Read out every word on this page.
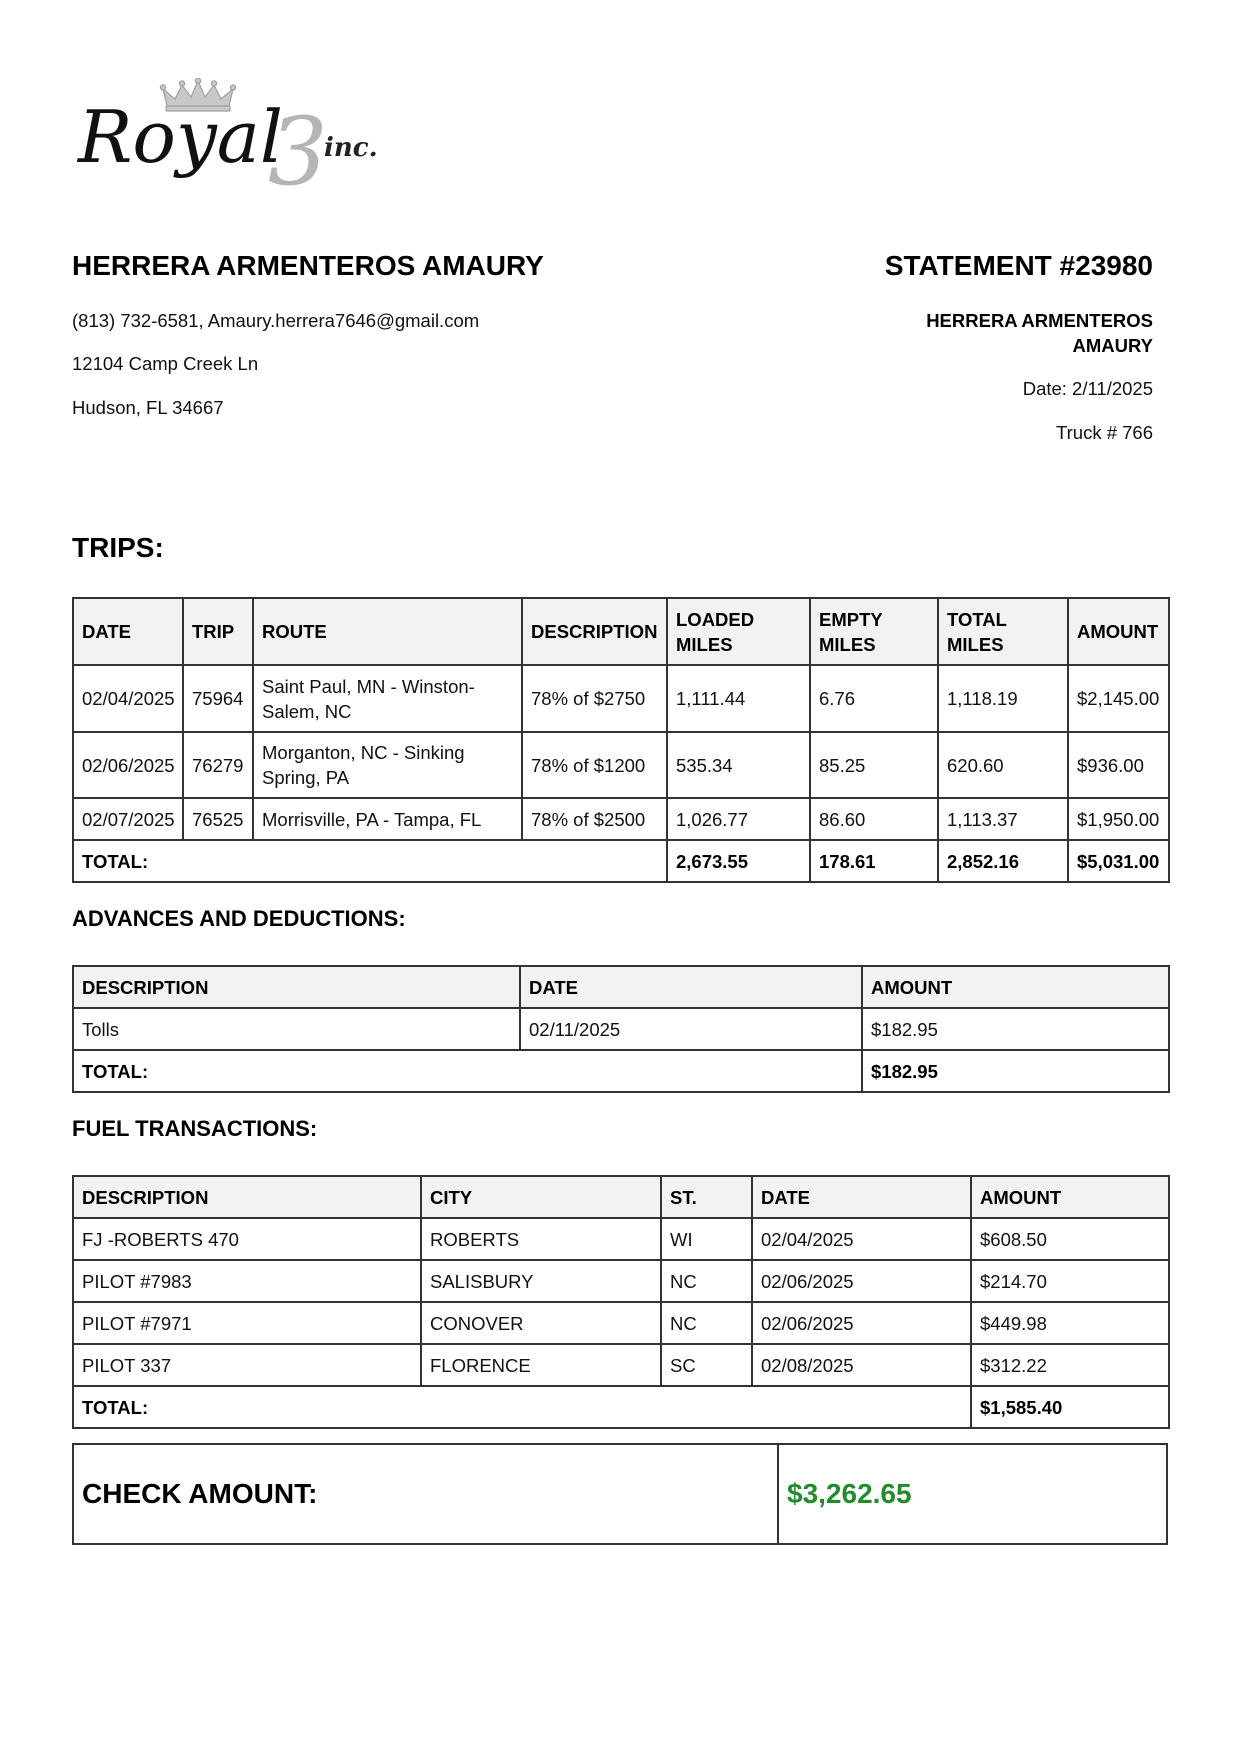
Royal
3
inc.
HERRERA ARMENTEROS AMAURY	STATEMENT #23980
(813) 732-6581, Amaury.herrera7646@gmail.com
12104 Camp Creek Ln
Hudson, FL 34667
HERRERA ARMENTEROS AMAURY
Date: 2/11/2025
Truck # 766
TRIPS:
DATE	TRIP	ROUTE	DESCRIPTION	LOADED MILES	EMPTY MILES	TOTAL MILES	AMOUNT
02/04/2025	75964	Saint Paul, MN - Winston-Salem, NC	78% of $2750	1,111.44	6.76	1,118.19	$2,145.00
02/06/2025	76279	Morganton, NC - Sinking Spring, PA	78% of $1200	535.34	85.25	620.60	$936.00
02/07/2025	76525	Morrisville, PA - Tampa, FL	78% of $2500	1,026.77	86.60	1,113.37	$1,950.00
TOTAL:				2,673.55	178.61	2,852.16	$5,031.00
ADVANCES AND DEDUCTIONS:
DESCRIPTION	DATE	AMOUNT
Tolls	02/11/2025	$182.95
TOTAL:		$182.95
FUEL TRANSACTIONS:
DESCRIPTION	CITY	ST.	DATE	AMOUNT
FJ -ROBERTS 470	ROBERTS	WI	02/04/2025	$608.50
PILOT #7983	SALISBURY	NC	02/06/2025	$214.70
PILOT #7971	CONOVER	NC	02/06/2025	$449.98
PILOT 337	FLORENCE	SC	02/08/2025	$312.22
TOTAL:				$1,585.40
CHECK AMOUNT:	$3,262.65
